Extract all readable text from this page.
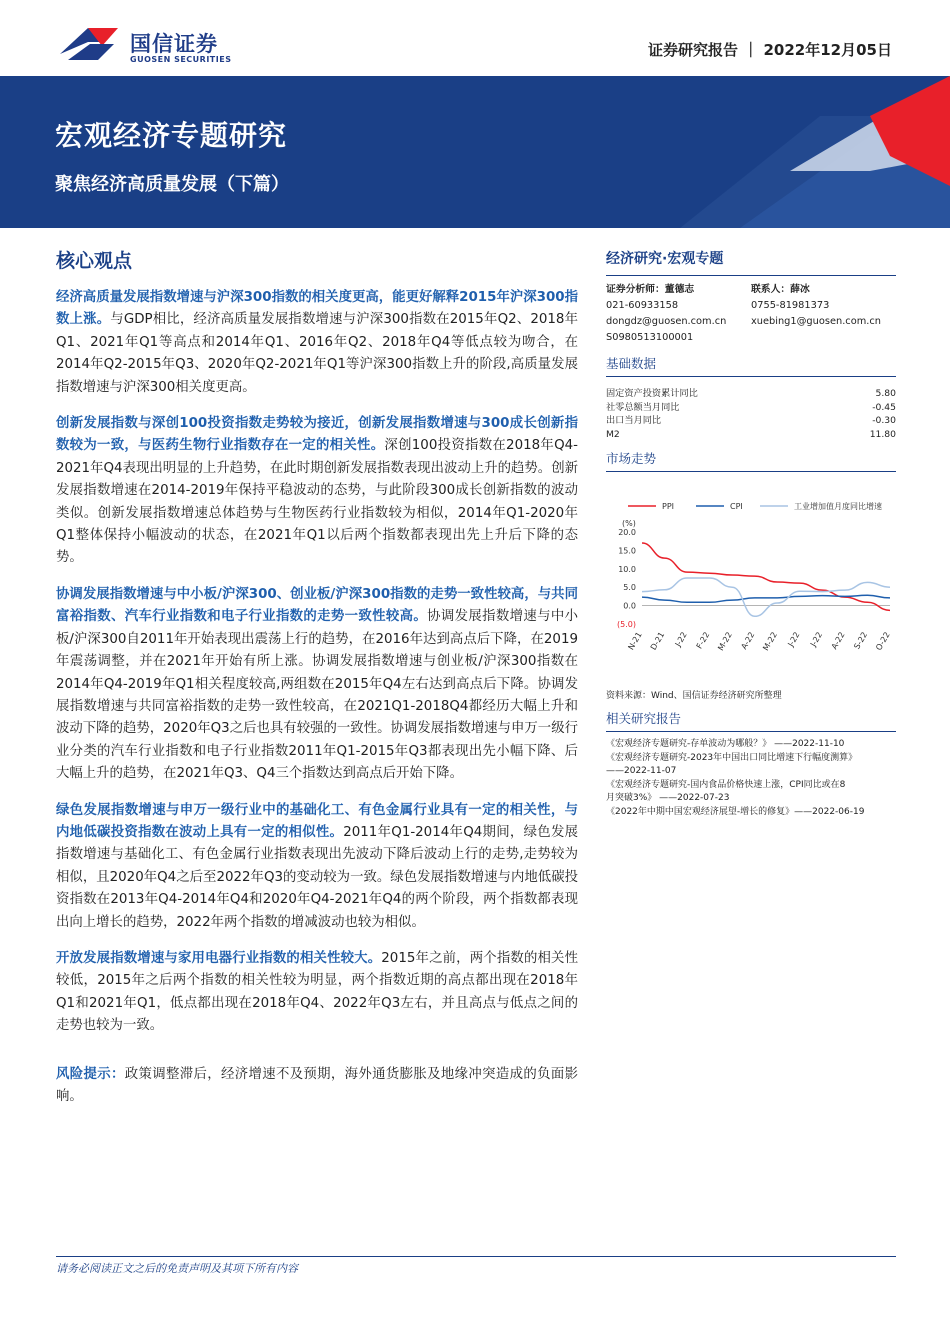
国信证券
GUOSEN SECURITIES
证券研究报告 ｜ 2022年12月05日
宏观经济专题研究
聚焦经济高质量发展（下篇）
核心观点

经济高质量发展指数增速与沪深300指数的相关度更高，能更好解释2015年沪深300指数上涨。与GDP相比，经济高质量发展指数增速与沪深300指数在2015年Q2、2018年Q1、2021年Q1等高点和2014年Q1、2016年Q2、2018年Q4等低点较为吻合，在2014年Q2-2015年Q3、2020年Q2-2021年Q1等沪深300指数上升的阶段,高质量发展指数增速与沪深300相关度更高。

创新发展指数与深创100投资指数走势较为接近，创新发展指数增速与300成长创新指数较为一致，与医药生物行业指数存在一定的相关性。深创100投资指数在2018年Q4-2021年Q4表现出明显的上升趋势，在此时期创新发展指数表现出波动上升的趋势。创新发展指数增速在2014-2019年保持平稳波动的态势，与此阶段300成长创新指数的波动类似。创新发展指数增速总体趋势与生物医药行业指数较为相似，2014年Q1-2020年Q1整体保持小幅波动的状态，在2021年Q1以后两个指数都表现出先上升后下降的态势。

协调发展指数增速与中小板/沪深300、创业板/沪深300指数的走势一致性较高，与共同富裕指数、汽车行业指数和电子行业指数的走势一致性较高。协调发展指数增速与中小板/沪深300自2011年开始表现出震荡上行的趋势，在2016年达到高点后下降，在2019年震荡调整，并在2021年开始有所上涨。协调发展指数增速与创业板/沪深300指数在2014年Q4-2019年Q1相关程度较高,两组数在2015年Q4左右达到高点后下降。协调发展指数增速与共同富裕指数的走势一致性较高，在2021Q1-2018Q4都经历大幅上升和波动下降的趋势，2020年Q3之后也具有较强的一致性。协调发展指数增速与申万一级行业分类的汽车行业指数和电子行业指数2011年Q1-2015年Q3都表现出先小幅下降、后大幅上升的趋势，在2021年Q3、Q4三个指数达到高点后开始下降。

绿色发展指数增速与申万一级行业中的基础化工、有色金属行业具有一定的相关性，与内地低碳投资指数在波动上具有一定的相似性。2011年Q1-2014年Q4期间，绿色发展指数增速与基础化工、有色金属行业指数表现出先波动下降后波动上行的走势,走势较为相似，且2020年Q4之后至2022年Q3的变动较为一致。绿色发展指数增速与内地低碳投资指数在2013年Q4-2014年Q4和2020年Q4-2021年Q4的两个阶段，两个指数都表现出向上增长的趋势，2022年两个指数的增减波动也较为相似。

开放发展指数增速与家用电器行业指数的相关性较大。2015年之前，两个指数的相关性较低，2015年之后两个指数的相关性较为明显，两个指数近期的高点都出现在2018年Q1和2021年Q1，低点都出现在2018年Q4、2022年Q3左右，并且高点与低点之间的走势也较为一致。

风险提示：政策调整滞后，经济增速不及预期，海外通货膨胀及地缘冲突造成的负面影响。

经济研究·宏观专题
证券分析师：董德志
021-60933158
dongdz@guosen.com.cn
S0980513100001
联系人：薛冰
0755-81981373
xuebing1@guosen.com.cn
基础数据
固定资产投资累计同比	5.80
社零总额当月同比	-0.45
出口当月同比	-0.30
M2	11.80
市场走势
PPI	CPI	工业增加值月度同比增速
(%)
20.0
15.0
10.0
5.0
0.0
(5.0)
N-21 D-21 J-22 F-22 M-22 A-22 M-22 J-22 J-22 A-22 S-22 O-22
资料来源：Wind、国信证券经济研究所整理
相关研究报告
《宏观经济专题研究-存单波动为哪般？》 ——2022-11-10
《宏观经济专题研究-2023年中国出口同比增速下行幅度测算》
——2022-11-07
《宏观经济专题研究-国内食品价格快速上涨，CPI同比或在8
月突破3%》 ——2022-07-23
《2022年中期中国宏观经济展望-增长的修复》——2022-06-19
请务必阅读正文之后的免责声明及其项下所有内容
